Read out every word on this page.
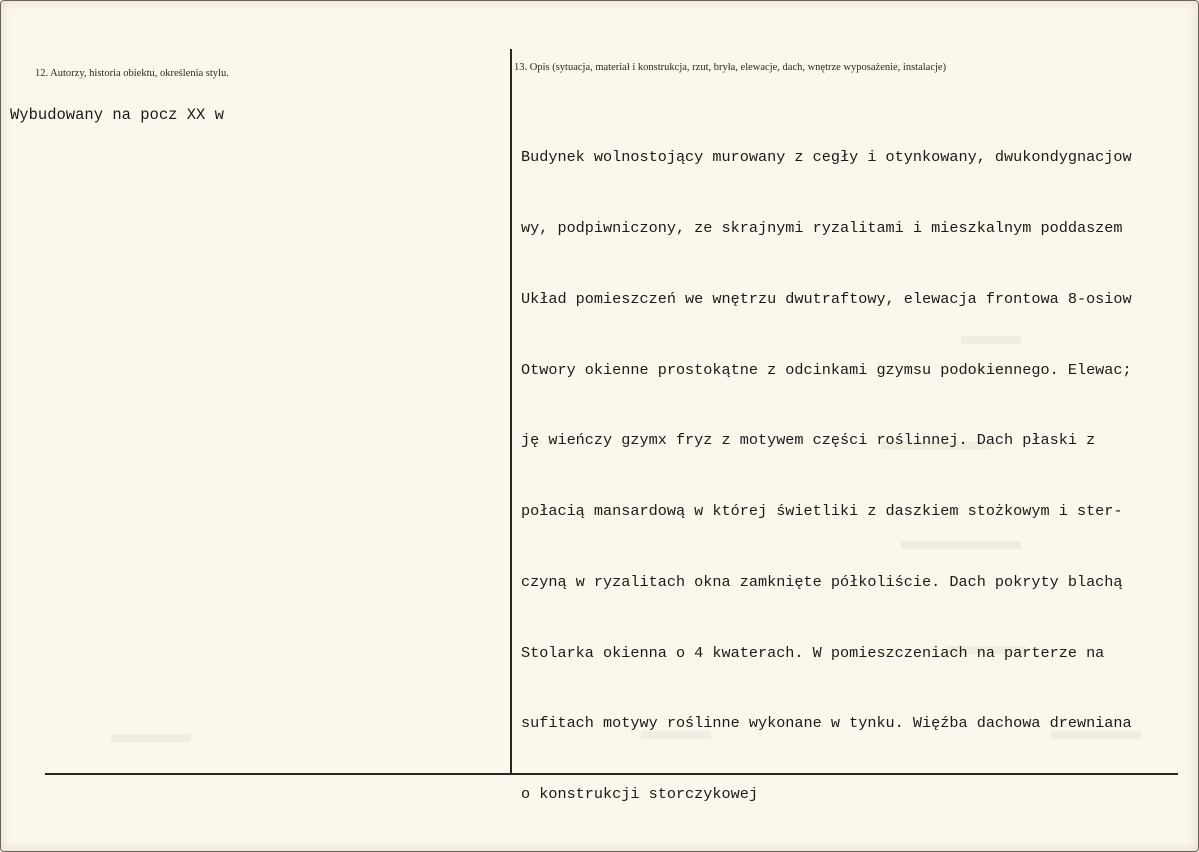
12. Autorzy, historia obiektu, określenia stylu.
Wybudowany na pocz XX w
13. Opis (sytuacja, materiał i konstrukcja, rzut, bryła, elewacje, dach, wnętrze wyposażenie, instalacje)

Budynek wolnostojący murowany z cegły i otynkowany, dwukondygnacjow

wy, podpiwniczony, ze skrajnymi ryzalitami i mieszkalnym poddaszem

Układ pomieszczeń we wnętrzu dwutraftowy, elewacja frontowa 8-osiow

Otwory okienne prostokątne z odcinkami gzymsu podokiennego. Elewac;

ję wieńczy gzymx fryz z motywem części roślinnej. Dach płaski z

połacią mansardową w której świetliki z daszkiem stożkowym i ster-

czyną w ryzalitach okna zamknięte półkoliście. Dach pokryty blachą

Stolarka okienna o 4 kwaterach. W pomieszczeniach na parterze na

sufitach motywy roślinne wykonane w tynku. Więźba dachowa drewniana

o konstrukcji storczykowej
